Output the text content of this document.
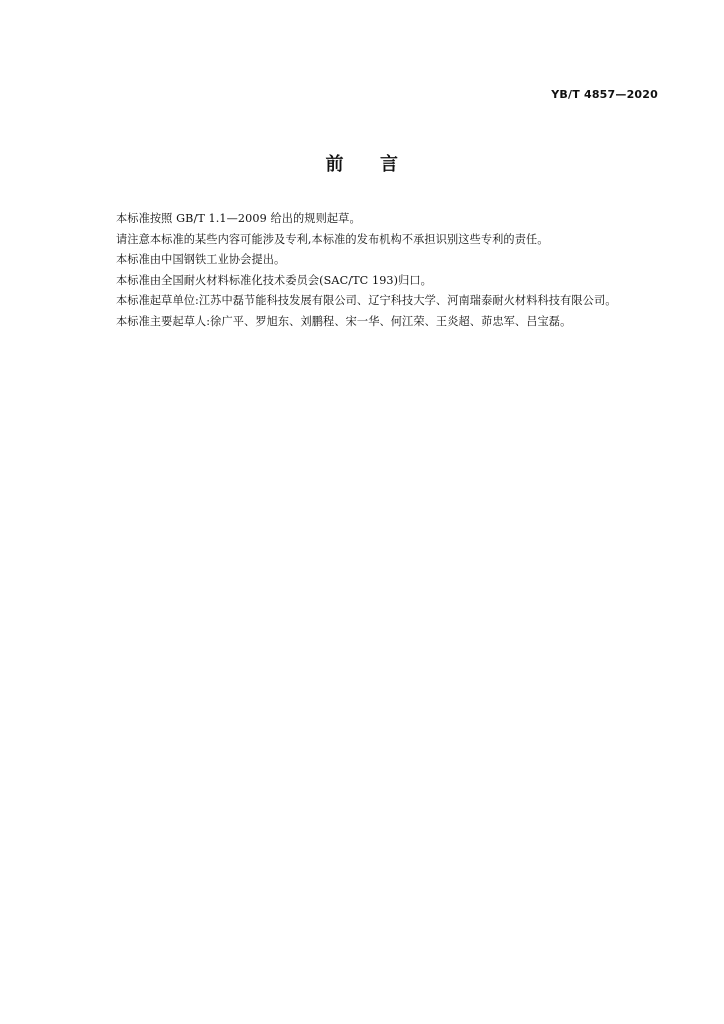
YB/T 4857—2020
前 言
本标准按照 GB/T 1.1—2009 给出的规则起草。
请注意本标准的某些内容可能涉及专利,本标准的发布机构不承担识别这些专利的责任。
本标准由中国钢铁工业协会提出。
本标准由全国耐火材料标准化技术委员会(SAC/TC 193)归口。
本标准起草单位:江苏中磊节能科技发展有限公司、辽宁科技大学、河南瑞泰耐火材料科技有限公司。
本标准主要起草人:徐广平、罗旭东、刘鹏程、宋一华、何江荣、王炎超、茆忠军、吕宝磊。
